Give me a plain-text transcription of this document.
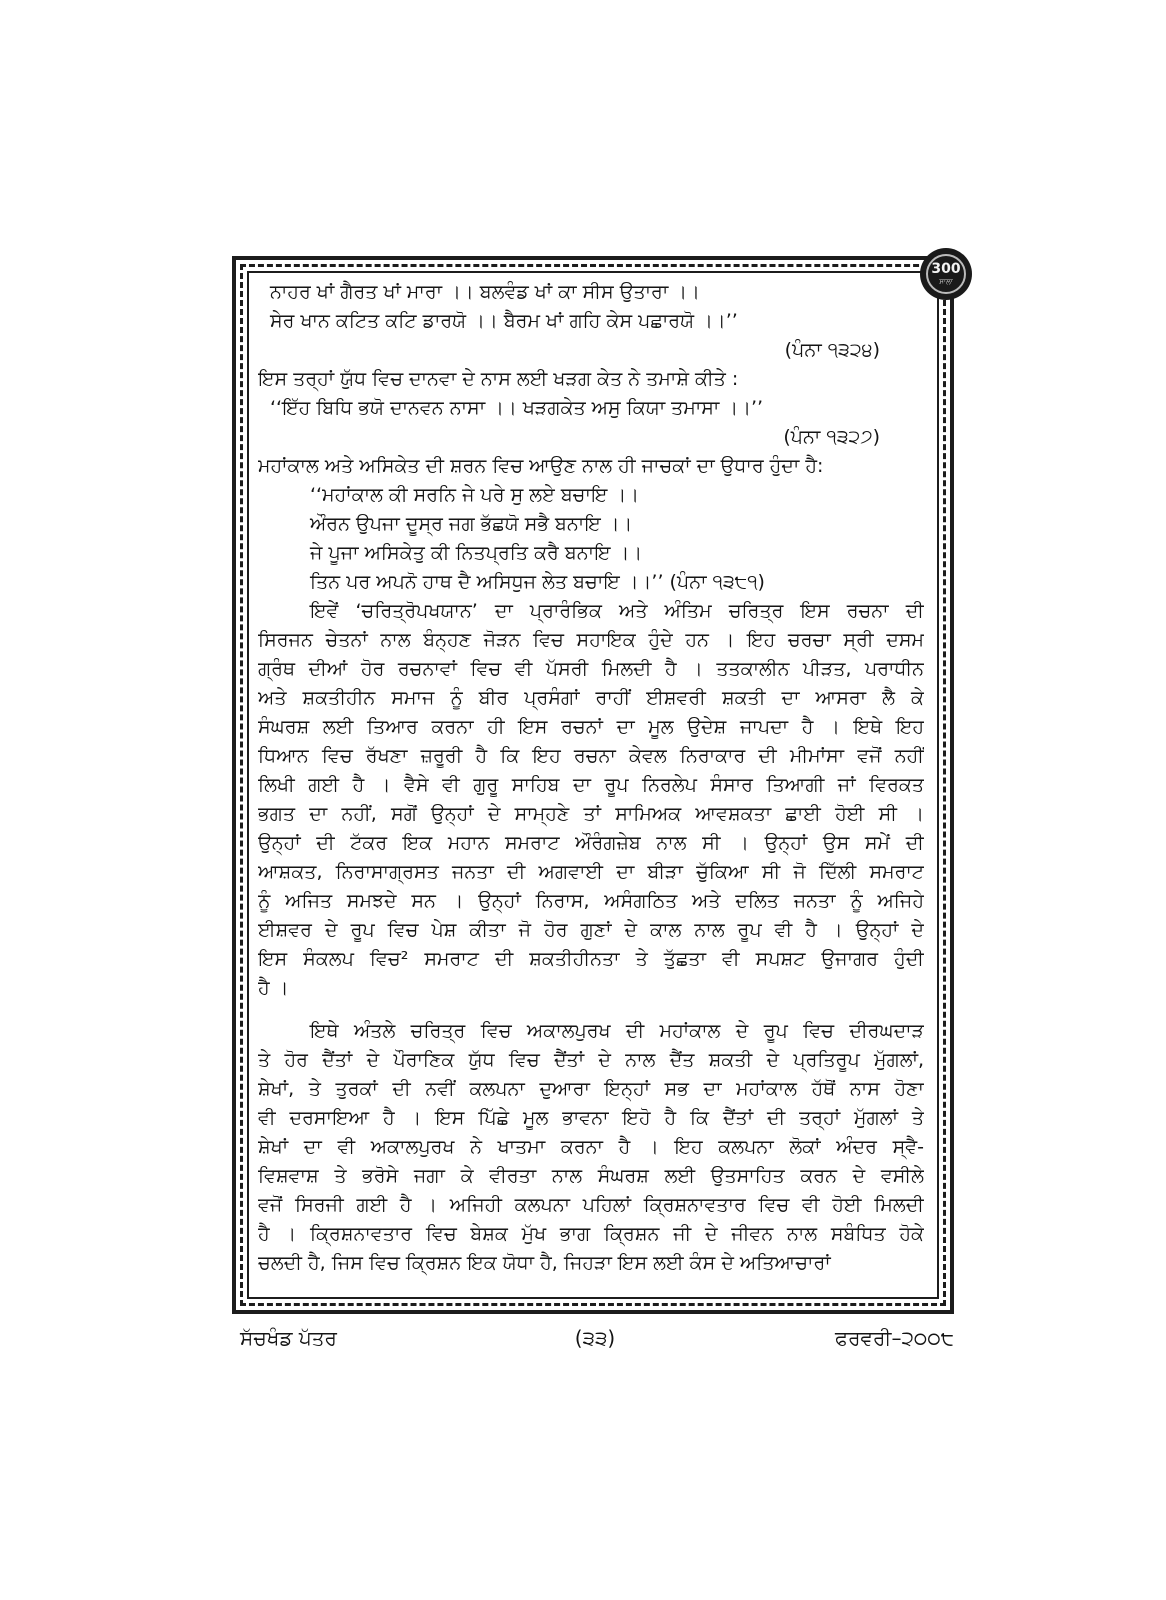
300
ਸਾਲਾ
ਨਾਹਰ ਖਾਂ ਗੈਰਤ ਖਾਂ ਮਾਰਾ ।। ਬਲਵੰਡ ਖਾਂ ਕਾ ਸੀਸ ਉਤਾਰਾ ।।
ਸੇਰ ਖਾਨ ਕਟਿਤ ਕਟਿ ਡਾਰਯੋ ।। ਬੈਰਮ ਖਾਂ ਗਹਿ ਕੇਸ ਪਛਾਰਯੋ ।।’’
(ਪੰਨਾ ੧੩੨੪)
ਇਸ ਤਰ੍ਹਾਂ ਯੁੱਧ ਵਿਚ ਦਾਨਵਾ ਦੇ ਨਾਸ ਲਈ ਖੜਗ ਕੇਤ ਨੇ ਤਮਾਸ਼ੇ ਕੀਤੇ :
‘‘ਇੱਹ ਬਿਧਿ ਭਯੋ ਦਾਨਵਨ ਨਾਸਾ ।। ਖੜਗਕੇਤ ਅਸੁ ਕਿਯਾ ਤਮਾਸਾ ।।’’
(ਪੰਨਾ ੧੩੨੭)
ਮਹਾਂਕਾਲ ਅਤੇ ਅਸਿਕੇਤ ਦੀ ਸ਼ਰਨ ਵਿਚ ਆਉਣ ਨਾਲ ਹੀ ਜਾਚਕਾਂ ਦਾ ਉਧਾਰ ਹੁੰਦਾ ਹੈ:
‘‘ਮਹਾਂਕਾਲ ਕੀ ਸਰਨਿ ਜੇ ਪਰੇ ਸੁ ਲਏ ਬਚਾਇ ।।
ਔਰਨ ਉਪਜਾ ਦੂਸ੍ਰ ਜਗ ਭੱਛਯੋ ਸਭੈ ਬਨਾਇ ।।
ਜੇ ਪੂਜਾ ਅਸਿਕੇਤੁ ਕੀ ਨਿਤਪ੍ਰਤਿ ਕਰੈ ਬਨਾਇ ।।
ਤਿਨ ਪਰ ਅਪਨੋ ਹਾਥ ਦੈ ਅਸਿਧੁਜ ਲੇਤ ਬਚਾਇ ।।’’ (ਪੰਨਾ ੧੩੮੧)
ਇਵੇਂ ‘ਚਰਿਤ੍ਰੋਪਖਯਾਨ’ ਦਾ ਪ੍ਰਾਰੰਭਿਕ ਅਤੇ ਅੰਤਿਮ ਚਰਿਤ੍ਰ ਇਸ ਰਚਨਾ ਦੀ
ਸਿਰਜਨ ਚੇਤਨਾਂ ਨਾਲ ਬੰਨ੍ਹਣ ਜੋੜਨ ਵਿਚ ਸਹਾਇਕ ਹੁੰਦੇ ਹਨ । ਇਹ ਚਰਚਾ ਸ੍ਰੀ ਦਸਮ
ਗ੍ਰੰਥ ਦੀਆਂ ਹੋਰ ਰਚਨਾਵਾਂ ਵਿਚ ਵੀ ਪੱਸਰੀ ਮਿਲਦੀ ਹੈ । ਤਤਕਾਲੀਨ ਪੀੜਤ, ਪਰਾਧੀਨ
ਅਤੇ ਸ਼ਕਤੀਹੀਨ ਸਮਾਜ ਨੂੰ ਬੀਰ ਪ੍ਰਸੰਗਾਂ ਰਾਹੀਂ ਈਸ਼ਵਰੀ ਸ਼ਕਤੀ ਦਾ ਆਸਰਾ ਲੈ ਕੇ
ਸੰਘਰਸ਼ ਲਈ ਤਿਆਰ ਕਰਨਾ ਹੀ ਇਸ ਰਚਨਾਂ ਦਾ ਮੂਲ ਉਦੇਸ਼ ਜਾਪਦਾ ਹੈ । ਇਥੇ ਇਹ
ਧਿਆਨ ਵਿਚ ਰੱਖਣਾ ਜ਼ਰੂਰੀ ਹੈ ਕਿ ਇਹ ਰਚਨਾ ਕੇਵਲ ਨਿਰਾਕਾਰ ਦੀ ਮੀਮਾਂਸਾ ਵਜੋਂ ਨਹੀਂ
ਲਿਖੀ ਗਈ ਹੈ । ਵੈਸੇ ਵੀ ਗੁਰੂ ਸਾਹਿਬ ਦਾ ਰੂਪ ਨਿਰਲੇਪ ਸੰਸਾਰ ਤਿਆਗੀ ਜਾਂ ਵਿਰਕਤ
ਭਗਤ ਦਾ ਨਹੀਂ, ਸਗੋਂ ਉਨ੍ਹਾਂ ਦੇ ਸਾਮ੍ਹਣੇ ਤਾਂ ਸਾਮਿਅਕ ਆਵਸ਼ਕਤਾ ਛਾਈ ਹੋਈ ਸੀ ।
ਉਨ੍ਹਾਂ ਦੀ ਟੱਕਰ ਇਕ ਮਹਾਨ ਸਮਰਾਟ ਔਰੰਗਜ਼ੇਬ ਨਾਲ ਸੀ । ਉਨ੍ਹਾਂ ਉਸ ਸਮੇਂ ਦੀ
ਆਸ਼ਕਤ, ਨਿਰਾਸਾਗ੍ਰਸਤ ਜਨਤਾ ਦੀ ਅਗਵਾਈ ਦਾ ਬੀੜਾ ਚੁੱਕਿਆ ਸੀ ਜੋ ਦਿੱਲੀ ਸਮਰਾਟ
ਨੂੰ ਅਜਿਤ ਸਮਝਦੇ ਸਨ । ਉਨ੍ਹਾਂ ਨਿਰਾਸ, ਅਸੰਗਠਿਤ ਅਤੇ ਦਲਿਤ ਜਨਤਾ ਨੂੰ ਅਜਿਹੇ
ਈਸ਼ਵਰ ਦੇ ਰੂਪ ਵਿਚ ਪੇਸ਼ ਕੀਤਾ ਜੋ ਹੋਰ ਗੁਣਾਂ ਦੇ ਕਾਲ ਨਾਲ ਰੂਪ ਵੀ ਹੈ । ਉਨ੍ਹਾਂ ਦੇ
ਇਸ ਸੰਕਲਪ ਵਿਚ² ਸਮਰਾਟ ਦੀ ਸ਼ਕਤੀਹੀਨਤਾ ਤੇ ਤੁੱਛਤਾ ਵੀ ਸਪਸ਼ਟ ਉਜਾਗਰ ਹੁੰਦੀ
ਹੈ ।
ਇਥੇ ਅੰਤਲੇ ਚਰਿਤ੍ਰ ਵਿਚ ਅਕਾਲਪੁਰਖ ਦੀ ਮਹਾਂਕਾਲ ਦੇ ਰੂਪ ਵਿਚ ਦੀਰਘਦਾੜ
ਤੇ ਹੋਰ ਦੈਂਤਾਂ ਦੇ ਪੌਰਾਣਿਕ ਯੁੱਧ ਵਿਚ ਦੈਂਤਾਂ ਦੇ ਨਾਲ ਦੈਂਤ ਸ਼ਕਤੀ ਦੇ ਪ੍ਰਤਿਰੂਪ ਮੁੱਗਲਾਂ,
ਸ਼ੇਖਾਂ, ਤੇ ਤੁਰਕਾਂ ਦੀ ਨਵੀਂ ਕਲਪਨਾ ਦੁਆਰਾ ਇਨ੍ਹਾਂ ਸਭ ਦਾ ਮਹਾਂਕਾਲ ਹੱਥੋਂ ਨਾਸ ਹੋਣਾ
ਵੀ ਦਰਸਾਇਆ ਹੈ । ਇਸ ਪਿੱਛੇ ਮੂਲ ਭਾਵਨਾ ਇਹੋ ਹੈ ਕਿ ਦੈਂਤਾਂ ਦੀ ਤਰ੍ਹਾਂ ਮੁੱਗਲਾਂ ਤੇ
ਸ਼ੇਖਾਂ ਦਾ ਵੀ ਅਕਾਲਪੁਰਖ ਨੇ ਖਾਤਮਾ ਕਰਨਾ ਹੈ । ਇਹ ਕਲਪਨਾ ਲੋਕਾਂ ਅੰਦਰ ਸ੍ਵੈ-
ਵਿਸ਼ਵਾਸ਼ ਤੇ ਭਰੋਸੇ ਜਗਾ ਕੇ ਵੀਰਤਾ ਨਾਲ ਸੰਘਰਸ਼ ਲਈ ਉਤਸਾਹਿਤ ਕਰਨ ਦੇ ਵਸੀਲੇ
ਵਜੋਂ ਸਿਰਜੀ ਗਈ ਹੈ । ਅਜਿਹੀ ਕਲਪਨਾ ਪਹਿਲਾਂ ਕ੍ਰਿਸ਼ਨਾਵਤਾਰ ਵਿਚ ਵੀ ਹੋਈ ਮਿਲਦੀ
ਹੈ । ਕ੍ਰਿਸ਼ਨਾਵਤਾਰ ਵਿਚ ਬੇਸ਼ਕ ਮੁੱਖ ਭਾਗ ਕ੍ਰਿਸ਼ਨ ਜੀ ਦੇ ਜੀਵਨ ਨਾਲ ਸਬੰਧਿਤ ਹੋਕੇ
ਚਲਦੀ ਹੈ, ਜਿਸ ਵਿਚ ਕ੍ਰਿਸ਼ਨ ਇਕ ਯੋਧਾ ਹੈ, ਜਿਹੜਾ ਇਸ ਲਈ ਕੰਸ ਦੇ ਅਤਿਆਚਾਰਾਂ
ਸੱਚਖੰਡ ਪੱਤਰ	(੩੩)	ਫਰਵਰੀ–੨੦੦੮
